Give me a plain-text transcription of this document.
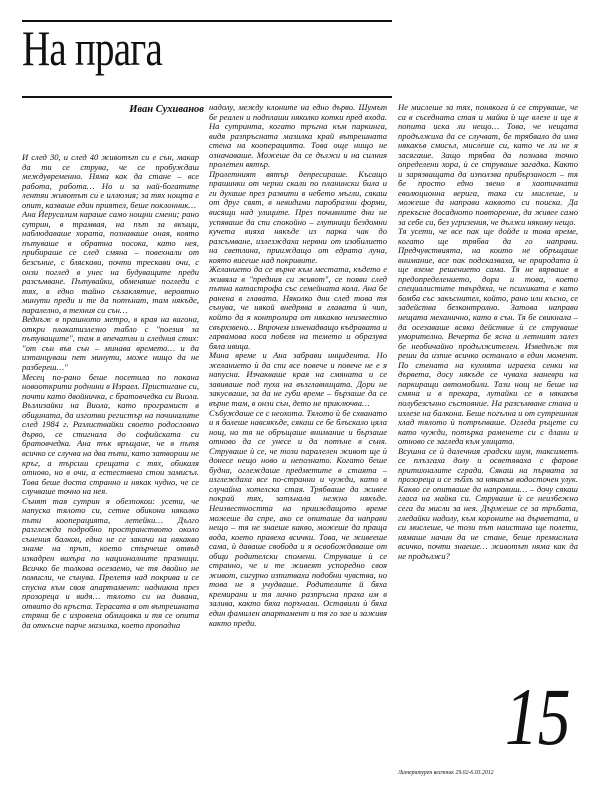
На прага
Иван Сухиванов

И след 30, и след 40 животът си е сън, макар да ти се струва, че се пробуждаш междувременно. Няма как да стане – все работа, работа… Но и за най-богатите лентяи животът си е иллюзия; за тях нощта е опит, казваше един приятел, беше поклонник…

Ана Йерусалим караше само нощни смени; рано сутрин, в трамвая, на път за вкъщи, наблюдаваше хората, познаваше оная, която пътуваше в обратна посока, като нея, прибираше се след смяна – повехнали от безсъние, с бляскави, почти трескави очи, с онзи поглед в унес на будуващите преди разсъмване. Пътувайки, обменяше погледи с тях, в едно тайно съзаклятие, вероятно минути преди и те да потънат, там някъде, паралелно, в техния си сън…

Веднъж в прашното метро, в края на вагона, откри плакатизлезно табло с "поезия за пътуващите", там я впечатли и следния стих: "от сън във сън – минава времето… и да изтанцуваш пет минути, може нищо да не разбереш…"

Месец по-рано беше посетила по покана новооткрити роднини в Израел. Пристигане си, почти като двойничка, с братовчедка си Виола. Възлизайки на Виола, като програмист в общината, да изготви регистър на починалите след 1984 г. Разлиствайки своето родословно дърво, се стигнала до софийската си братовчедка. Ана тък връщане, че в пътя всичко се случва на два пъти, като затвориш не кръг, а търсиш срещата с тях, обикаля отново, но в очи, а естествено стои замисъл. Това беше доста странно и някак чудно, че се случваше точно на нея.

Сънят тая сутрин я обезпокои: усети, че напуска тялото си, сетне обикони няколко пъти кооперацията, летейки… Дълго разглежда подробно пространството около сънения балкон, една не се закачи на някакво знаме на прът, което стърчеше отвъд изкадрен вихъра по националните празници. Всичко бе толкова осезаемо, че тя двойно не помисли, че сънува. Прелетя над покрива и се спусна към своя апартамент: надникна през прозореца и видя… тялото си на дивана, отвито до кръста. Терасата в от вътрешната стряна бе с изровена облицовка и тя се опита да откъсне парче мазилка, което пропадна

надолу, между клоните на едно дърво. Шумът бе реален и подплаши няколко котки пред входа. На сутринта, когато тръгна към паркинга, видя разпръсната мазилка край вътрешната стена на кооперацията. Това още нищо не означаваше. Можеше да се дължи и на силния пролетен вятър.

Пролетният вятър депресираше. Късащо прашинки от черни скали по планински била и ги духаше през развити в небето мъгли, сякаш от друг свят, в невидими паробразни форми, висящи над улиците. През почивните дни не успяваше да спи спокойно – глутници бездомни кучета вияха някъде из парка чак до разсъмване, излезждаха нервни от изобилието на светлина, прииждащо от едрата луна, която висеше над покривите.

Желанието да се върне към местата, където е живяла в "предния си живот", се появи след пътна катастрофа със семейната кола. Ана бе ранена в главата. Няколко дни след това тя сънува, че някой внедрява в главата ѝ чип, който да я контролира от някакво неизвестно свърхзвено… Впрочем изненадващо къдравата и гарвамова коса побеля на темето и образува бяла ивица.

Мина време и Ана забрави инцидента. Но желанието ѝ да спи все повече и повече не е я напусна. Изчакваше края на смяната и се завиваше под пуха на възглавницата. Дори не закусваше, за да не губи време – бързаше да се върне там, в онзи сън, дето не приключва…

Събуждаше се с неохота. Тялото ѝ бе схванато и я болеше навсякъде, сякаш се бе блъскало цяла нощ, но тя не обръщаше внимание и бързаше отново да се унесе и да потъне в съня. Струваше ѝ се, че този паралелен живот ще ѝ донесе нещо ново и непознато. Когато беше будна, оглеждаше предметите в стаята – изглеждаха все по-странни и чужди, като в случайна хотелска стая. Трябваше да живее покрай тях, затънала нежно някъде. Неизвестността на прииждащото време можеше да спре, ако се опиташе да направи нещо – тя не знаеше какво, можеше да праща вода, което правеха всички. Това, че живееше сама, ѝ даваше свобода и я освобождаваше от общи родителски спомени. Струваше ѝ се странно, че и те живеят успоредно своя живот, сигурно изпитваха подобни чувства, но това не я учудваше. Родителите й бяха кремирани и тя лично разпръсна праха им в залива, както бяха поръчали. Оставили ѝ бяха един фамилен апартамент и тя го зае и заживя както преди.

Не мислеше за тях, понякога ѝ се струваше, че са в съседната стая и майка ѝ ще влезе и ще я попита искa ли нещо… Това, че нещата продължиха да се случват, бе трябвало да има някакъв смисъл, мислеше си, като че ли не я засягаше. Защо трябва да познава точно определени хора, ѝ се струваше загадка. Както и зарязващата да използва прибързаност – тя бе просто едно звено в хаотичната еволюционна верига, така си мислеше, и можеше да направи каквото си поиска. Да прекъсне досадното повторение, да живее само за себе си, без угризения, че дължи някому нещо.

Тя усети, че все пак ще дойде и това време, когато ще трябва да го направи. Предчувствията, на които не обръщаше внимание, все пак подсказваха, че природата ѝ ще вземе решението сама. Тя не вярваше в предопределението, дори и това, което специалистите твърдяха, че психиката е като бомба със закъснител, който, рано или късно, се задейства безконтролно. Затова направи нещата механично, като в сън. Тя бе свикнала – да осезаваше всяко действие ѝ се струваше уморително. Вечерта бе ясна и летният залез бе необичайно продължителен. Изведнъж тя реши да изпие всичко останало в един момент. По стената на кухнята играеха сенки на дървета, досу някъде се чуваха маневри на паркиращи автомобили. Тази нощ не беше на смяна и в прекара, лутайки се в някакъв полубезсънно състояние. На разсъмване стана и излезе на балкона. Беше погълна и от сутрешния хлад тялото ѝ потръпваше. Огледа ръцете си като чужди, потърка раменете си с длани и отново се загледа към улицата.

Всушна се ѝ далечния градски шум, таксиметъ се плъзгаха долу и осветяваха с фарове притихналите сгради. Сякаш на първата за прозореца и се зъблъ за някакъв водосточен улук. Какво се опитваше да направиш… – дочу сякаш гласа на майка си. Струваше ѝ се неизбежно сега да мисли за нея. Държеше се за тръбата, гледайки надолу, към короните на дърветата, и си мислеше, че този път наистина ще полети, нямаше начин да не стане, беше премислила всичко, почти знаеше… животът няма как да не продължи?

15
Литературен вестник 29.02-6.03.2012
